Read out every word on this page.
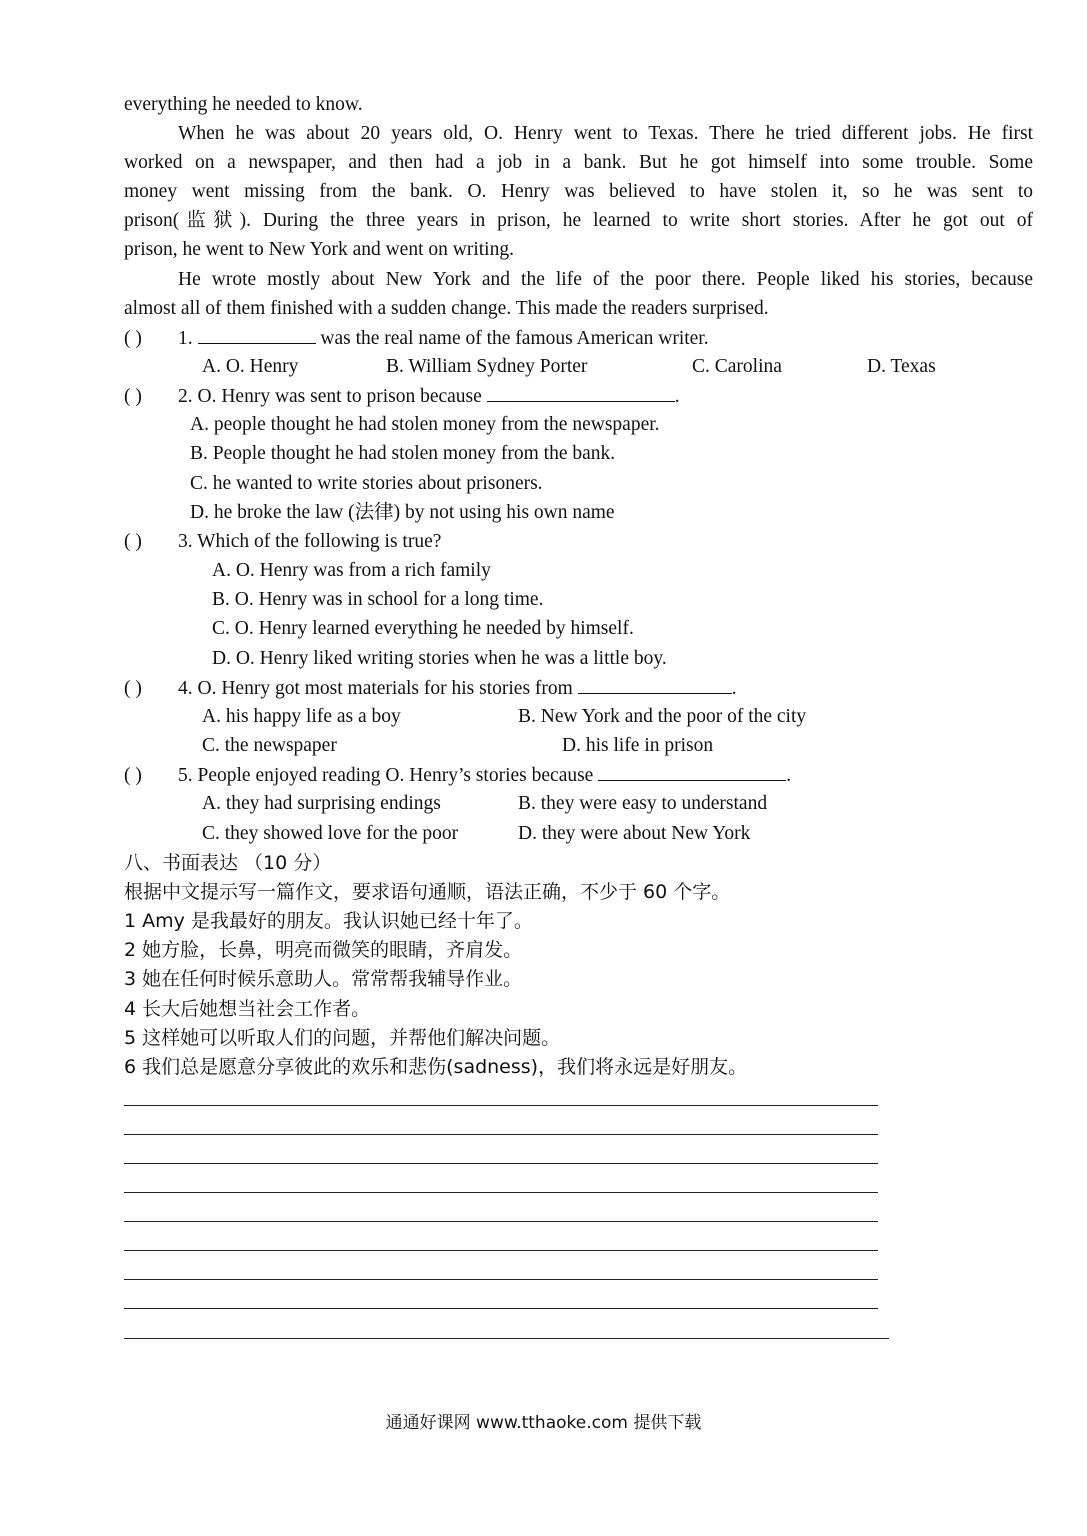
everything he needed to know.
When he was about 20 years old, O. Henry went to Texas. There he tried different jobs. He first
worked on a newspaper, and then had a job in a bank. But he got himself into some trouble. Some
money went missing from the bank. O. Henry was believed to have stolen it, so he was sent to
prison(监狱). During the three years in prison, he learned to write short stories. After he got out of
prison, he went to New York and went on writing.
He wrote mostly about New York and the life of the poor there. People liked his stories, because
almost all of them finished with a sudden change. This made the readers surprised.
( ) 1.	was the real name of the famous American writer.
A. O. Henry	B. William Sydney Porter	C. Carolina	D. Texas
( ) 2. O. Henry was sent to prison because	.
A. people thought he had stolen money from the newspaper.
B. People thought he had stolen money from the bank.
C. he wanted to write stories about prisoners.
D. he broke the law (法律) by not using his own name
( ) 3. Which of the following is true?
A. O. Henry was from a rich family
B. O. Henry was in school for a long time.
C. O. Henry learned everything he needed by himself.
D. O. Henry liked writing stories when he was a little boy.
( ) 4. O. Henry got most materials for his stories from	.
A. his happy life as a boy	B. New York and the poor of the city
C. the newspaper	D. his life in prison
( ) 5. People enjoyed reading O. Henry’s stories because	.
A. they had surprising endings	B. they were easy to understand
C. they showed love for the poor	D. they were about New York
八、书面表达 （10 分）
根据中文提示写一篇作文，要求语句通顺，语法正确，不少于 60 个字。
1 Amy 是我最好的朋友。我认识她已经十年了。
2 她方脸，长鼻，明亮而微笑的眼睛，齐肩发。
3 她在任何时候乐意助人。常常帮我辅导作业。
4 长大后她想当社会工作者。
5 这样她可以听取人们的问题，并帮他们解决问题。
6 我们总是愿意分享彼此的欢乐和悲伤(sadness)，我们将永远是好朋友。
通通好课网 www.tthaoke.com 提供下载
